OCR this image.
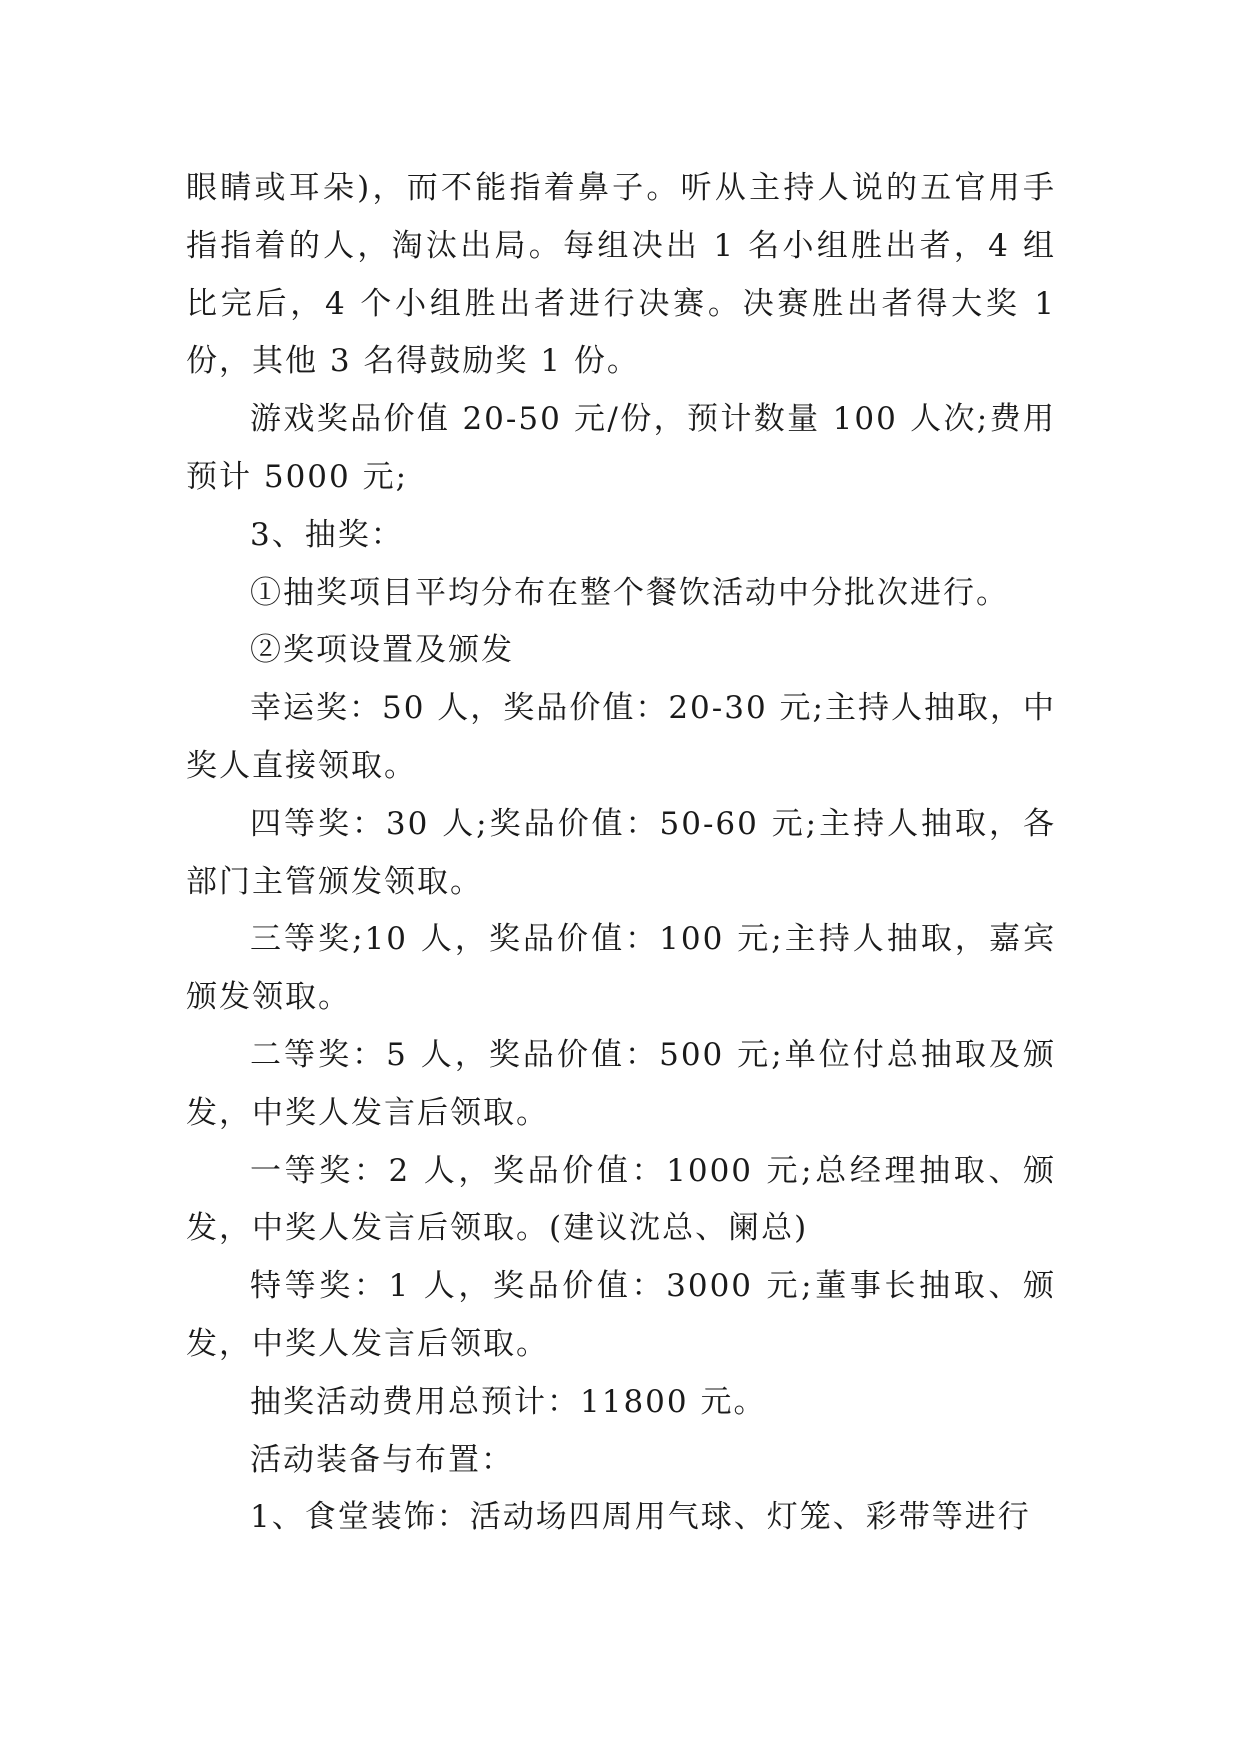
眼睛或耳朵)，而不能指着鼻子。听从主持人说的五官用手指指着的人，淘汰出局。每组决出 1 名小组胜出者，4 组比完后，4 个小组胜出者进行决赛。决赛胜出者得大奖 1 份，其他 3 名得鼓励奖 1 份。

游戏奖品价值 20-50 元/份，预计数量 100 人次;费用预计 5000 元;

3、抽奖：

①抽奖项目平均分布在整个餐饮活动中分批次进行。

②奖项设置及颁发

幸运奖：50 人，奖品价值：20-30 元;主持人抽取，中奖人直接领取。

四等奖：30 人;奖品价值：50-60 元;主持人抽取，各部门主管颁发领取。

三等奖;10 人，奖品价值：100 元;主持人抽取，嘉宾颁发领取。

二等奖：5 人，奖品价值：500 元;单位付总抽取及颁发，中奖人发言后领取。

一等奖：2 人，奖品价值：1000 元;总经理抽取、颁发，中奖人发言后领取。(建议沈总、阑总)

特等奖：1 人，奖品价值：3000 元;董事长抽取、颁发，中奖人发言后领取。

抽奖活动费用总预计：11800 元。

活动装备与布置：

1、食堂装饰：活动场四周用气球、灯笼、彩带等进行
